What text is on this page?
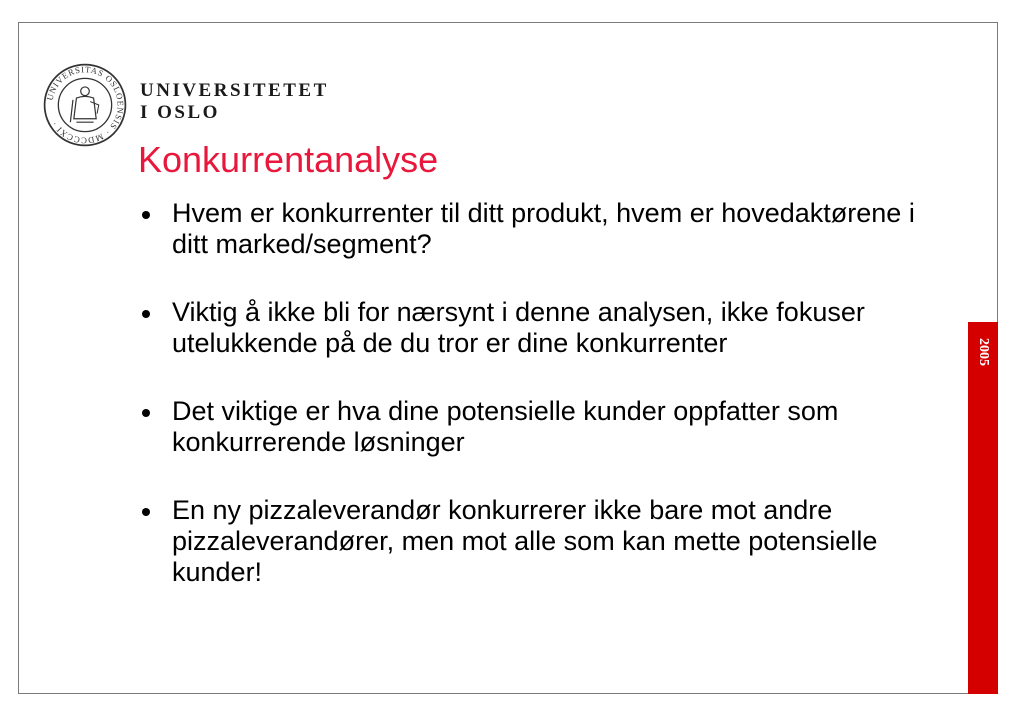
UNIVERSITAS OSLOENSIS · MDCCCXI ·
UNIVERSITETET
I OSLO
Konkurrentanalyse
Hvem er konkurrenter til ditt produkt, hvem er hovedaktørene i ditt marked/segment?
Viktig å ikke bli for nærsynt i denne analysen, ikke fokuser utelukkende på de du tror er dine konkurrenter
Det viktige er hva dine potensielle kunder oppfatter som konkurrerende løsninger
En ny pizzaleverandør konkurrerer ikke bare mot andre pizzaleverandører, men mot alle som kan mette potensielle kunder!
2005
